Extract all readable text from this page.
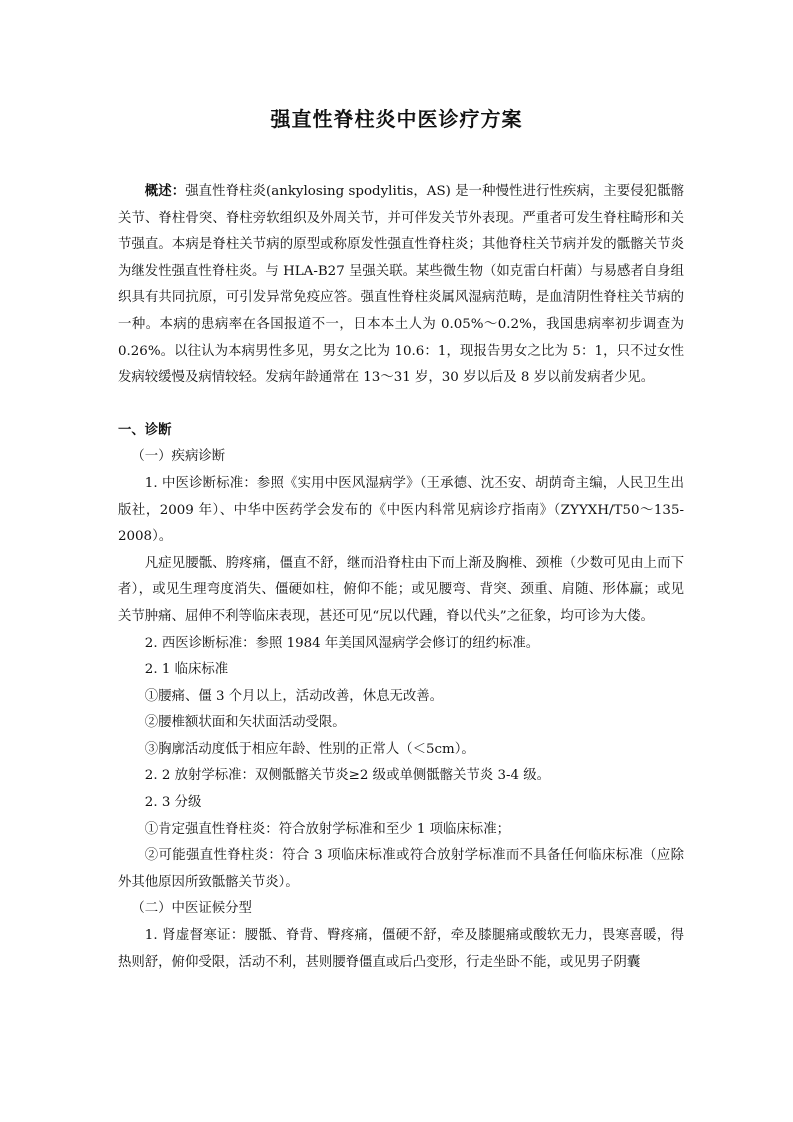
强直性脊柱炎中医诊疗方案

概述：强直性脊柱炎(ankylosing spodylitis，AS) 是一种慢性进行性疾病，主要侵犯骶髂关节、脊柱骨突、脊柱旁软组织及外周关节，并可伴发关节外表现。严重者可发生脊柱畸形和关节强直。本病是脊柱关节病的原型或称原发性强直性脊柱炎；其他脊柱关节病并发的骶髂关节炎为继发性强直性脊柱炎。与 HLA-B27 呈强关联。某些微生物（如克雷白杆菌）与易感者自身组织具有共同抗原，可引发异常免疫应答。强直性脊柱炎属风湿病范畴，是血清阴性脊柱关节病的一种。本病的患病率在各国报道不一，日本本土人为 0.05%～0.2%，我国患病率初步调查为 0.26%。以往认为本病男性多见，男女之比为 10.6：1，现报告男女之比为 5：1，只不过女性发病较缓慢及病情较轻。发病年龄通常在 13～31 岁，30 岁以后及 8 岁以前发病者少见。

一、诊断

（一）疾病诊断

1. 中医诊断标准：参照《实用中医风湿病学》（王承德、沈丕安、胡荫奇主编，人民卫生出版社，2009 年）、中华中医药学会发布的《中医内科常见病诊疗指南》（ZYYXH/T50～135-2008）。

凡症见腰骶、胯疼痛，僵直不舒，继而沿脊柱由下而上渐及胸椎、颈椎（少数可见由上而下者），或见生理弯度消失、僵硬如柱，俯仰不能；或见腰弯、背突、颈重、肩随、形体羸；或见关节肿痛、屈伸不利等临床表现，甚还可见“尻以代踵，脊以代头”之征象，均可诊为大偻。

2. 西医诊断标准：参照 1984 年美国风湿病学会修订的纽约标准。

2. 1 临床标准

①腰痛、僵 3 个月以上，活动改善，休息无改善。

②腰椎额状面和矢状面活动受限。

③胸廓活动度低于相应年龄、性别的正常人（＜5cm）。

2. 2 放射学标准：双侧骶髂关节炎≥2 级或单侧骶髂关节炎 3-4 级。

2. 3 分级

①肯定强直性脊柱炎：符合放射学标准和至少 1 项临床标准；

②可能强直性脊柱炎：符合 3 项临床标准或符合放射学标准而不具备任何临床标准（应除外其他原因所致骶髂关节炎）。

（二）中医证候分型

1. 肾虚督寒证：腰骶、脊背、臀疼痛，僵硬不舒，牵及膝腿痛或酸软无力，畏寒喜暖，得热则舒，俯仰受限，活动不利，甚则腰脊僵直或后凸变形，行走坐卧不能，或见男子阴囊
